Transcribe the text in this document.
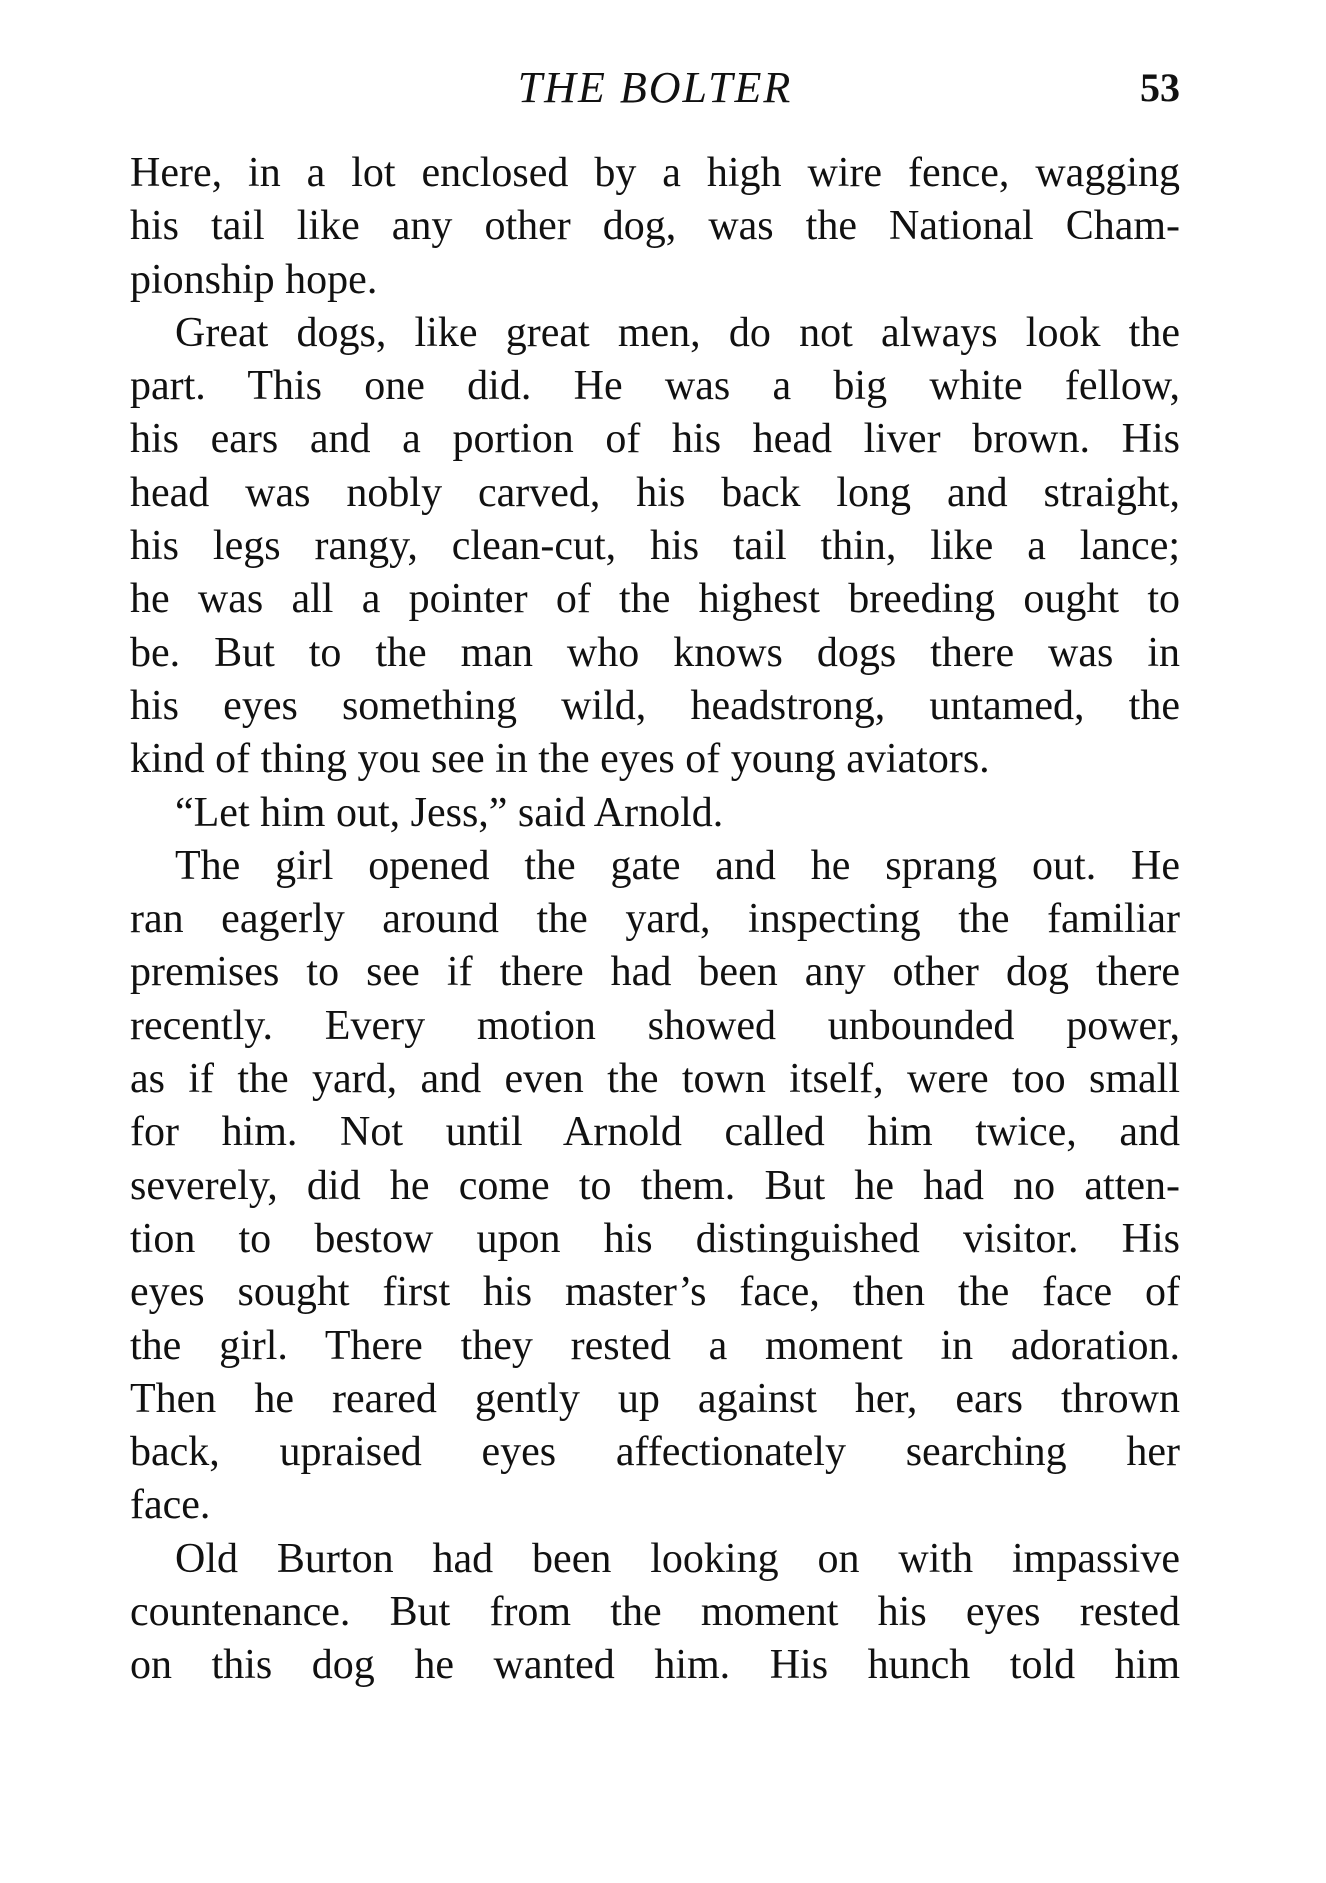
THE BOLTER	53
Here, in a lot enclosed by a high wire fence, wagging
his tail like any other dog, was the National Cham-
pionship hope.
Great dogs, like great men, do not always look the
part. This one did. He was a big white fellow,
his ears and a portion of his head liver brown. His
head was nobly carved, his back long and straight,
his legs rangy, clean-cut, his tail thin, like a lance;
he was all a pointer of the highest breeding ought to
be. But to the man who knows dogs there was in
his eyes something wild, headstrong, untamed, the
kind of thing you see in the eyes of young aviators.
“Let him out, Jess,” said Arnold.
The girl opened the gate and he sprang out. He
ran eagerly around the yard, inspecting the familiar
premises to see if there had been any other dog there
recently. Every motion showed unbounded power,
as if the yard, and even the town itself, were too small
for him. Not until Arnold called him twice, and
severely, did he come to them. But he had no atten-
tion to bestow upon his distinguished visitor. His
eyes sought first his master’s face, then the face of
the girl. There they rested a moment in adoration.
Then he reared gently up against her, ears thrown
back, upraised eyes affectionately searching her
face.
Old Burton had been looking on with impassive
countenance. But from the moment his eyes rested
on this dog he wanted him. His hunch told him
